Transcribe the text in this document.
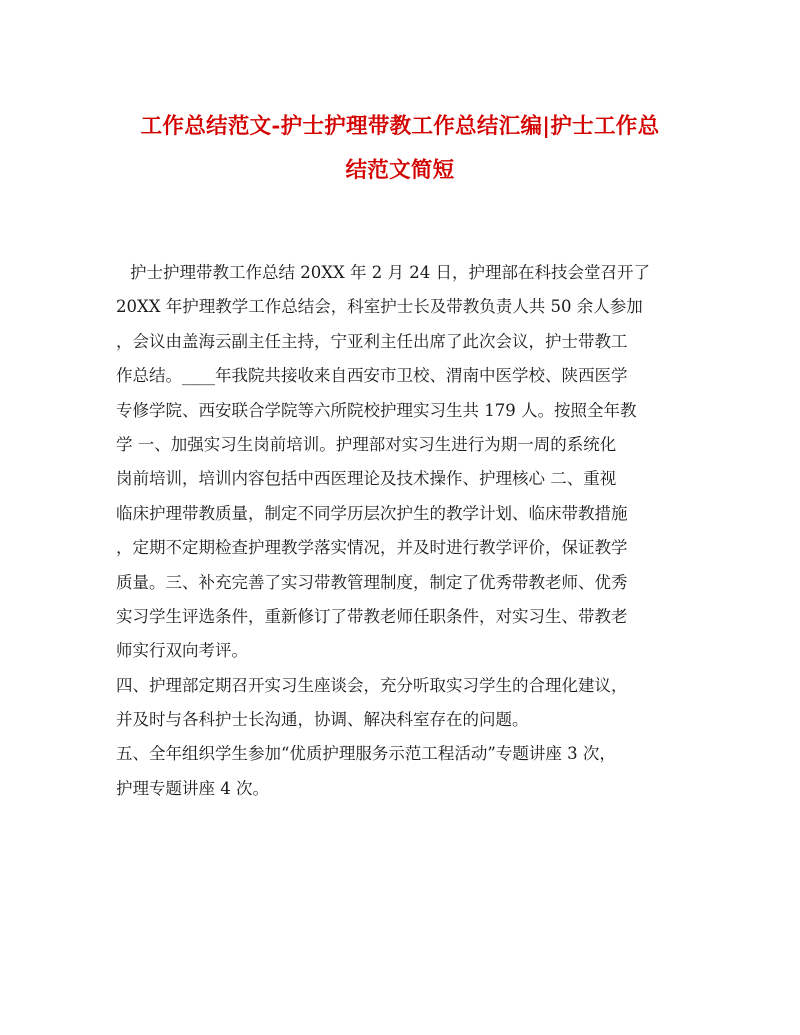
工作总结范文-护士护理带教工作总结汇编|护士工作总
结范文简短
护士护理带教工作总结 20XX 年 2 月 24 日，护理部在科技会堂召开了
20XX 年护理教学工作总结会，科室护士长及带教负责人共 50 余人参加
，会议由盖海云副主任主持，宁亚利主任出席了此次会议，护士带教工
作总结。____年我院共接收来自西安市卫校、渭南中医学校、陕西医学
专修学院、西安联合学院等六所院校护理实习生共 179 人。按照全年教
学 一、加强实习生岗前培训。护理部对实习生进行为期一周的系统化
岗前培训，培训内容包括中西医理论及技术操作、护理核心 二、重视
临床护理带教质量，制定不同学历层次护生的教学计划、临床带教措施
，定期不定期检查护理教学落实情况，并及时进行教学评价，保证教学
质量。三、补充完善了实习带教管理制度，制定了优秀带教老师、优秀
实习学生评选条件，重新修订了带教老师任职条件，对实习生、带教老
师实行双向考评。
四、护理部定期召开实习生座谈会，充分听取实习学生的合理化建议，
并及时与各科护士长沟通，协调、解决科室存在的问题。
五、全年组织学生参加“优质护理服务示范工程活动”专题讲座 3 次，
护理专题讲座 4 次。
